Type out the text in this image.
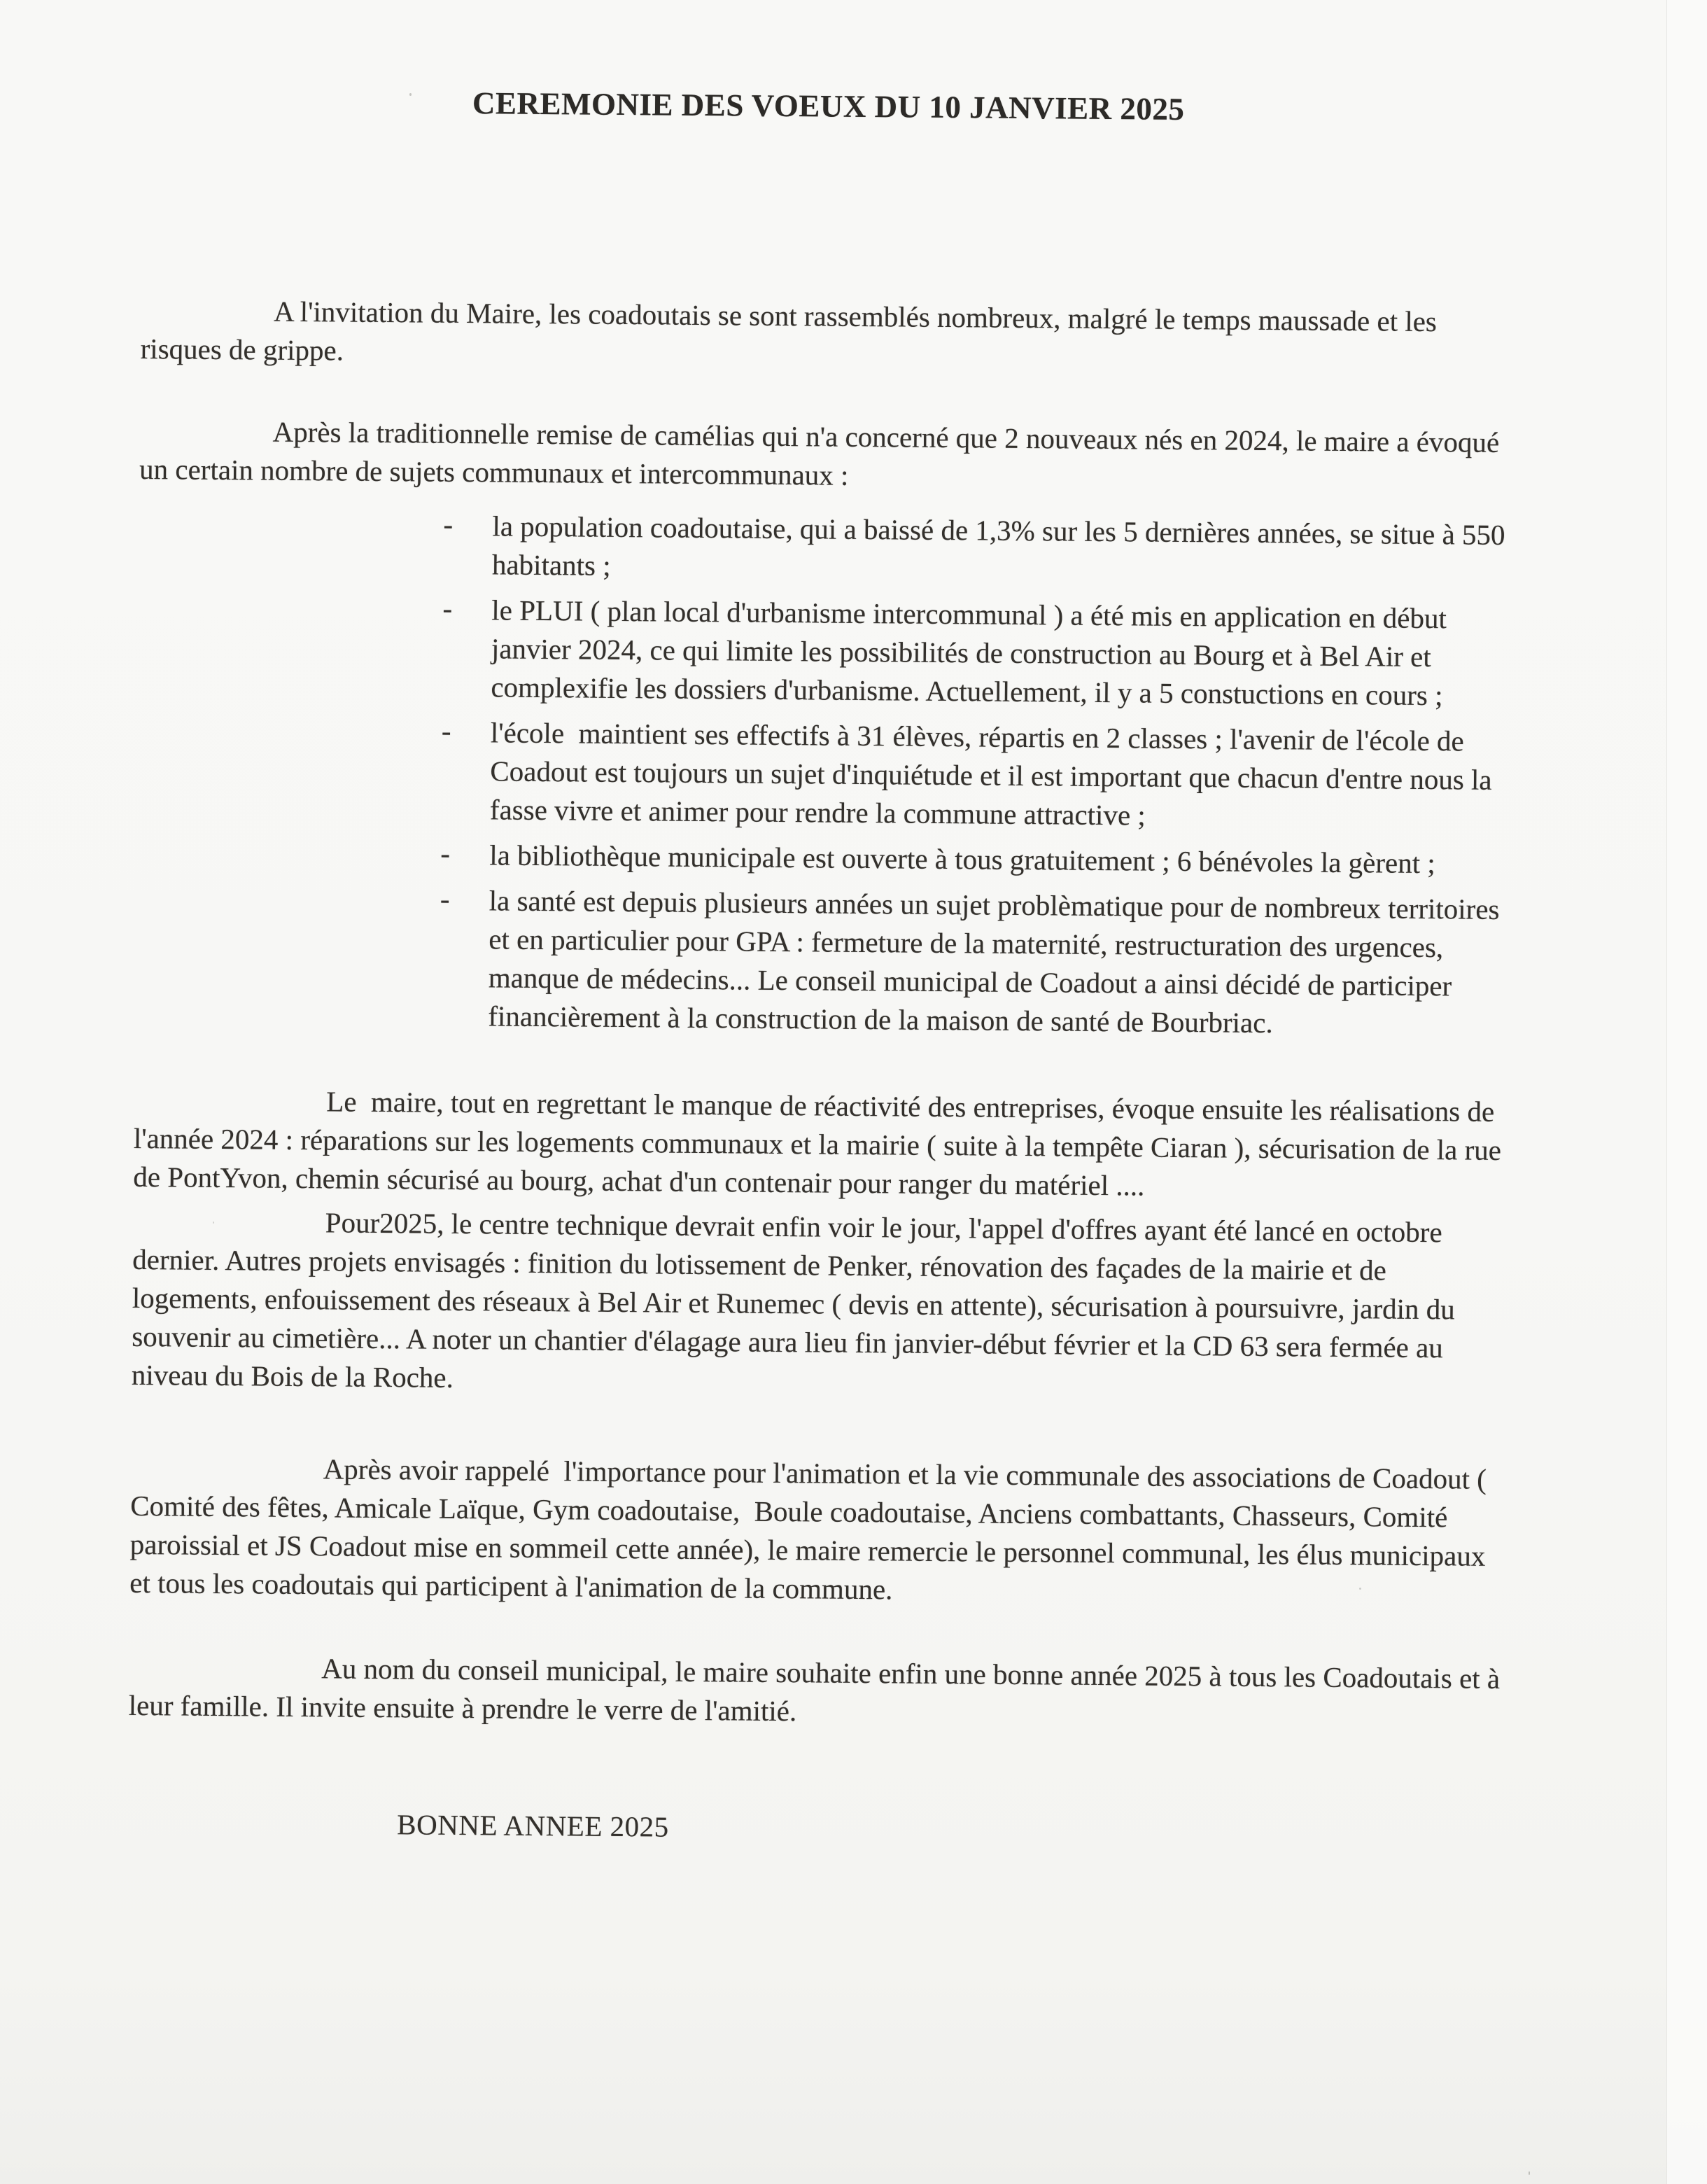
CEREMONIE DES VOEUX DU 10 JANVIER 2025

A l'invitation du Maire, les coadoutais se sont rassemblés nombreux, malgré le temps maussade et les risques de grippe.

Après la traditionnelle remise de camélias qui n'a concerné que 2 nouveaux nés en 2024, le maire a évoqué un certain nombre de sujets communaux et intercommunaux :

- la population coadoutaise, qui a baissé de 1,3% sur les 5 dernières années, se situe à 550 habitants ;
- le PLUI ( plan local d'urbanisme intercommunal ) a été mis en application en début janvier 2024, ce qui limite les possibilités de construction au Bourg et à Bel Air et complexifie les dossiers d'urbanisme. Actuellement, il y a 5 constuctions en cours ;
- l'école  maintient ses effectifs à 31 élèves, répartis en 2 classes ; l'avenir de l'école de Coadout est toujours un sujet d'inquiétude et il est important que chacun d'entre nous la fasse vivre et animer pour rendre la commune attractive ;
- la bibliothèque municipale est ouverte à tous gratuitement ; 6 bénévoles la gèrent ;
- la santé est depuis plusieurs années un sujet problèmatique pour de nombreux territoires et en particulier pour GPA : fermeture de la maternité, restructuration des urgences, manque de médecins... Le conseil municipal de Coadout a ainsi décidé de participer financièrement à la construction de la maison de santé de Bourbriac.

Le  maire, tout en regrettant le manque de réactivité des entreprises, évoque ensuite les réalisations de l'année 2024 : réparations sur les logements communaux et la mairie ( suite à la tempête Ciaran ), sécurisation de la rue de PontYvon, chemin sécurisé au bourg, achat d'un contenair pour ranger du matériel ....

Pour2025, le centre technique devrait enfin voir le jour, l'appel d'offres ayant été lancé en octobre dernier. Autres projets envisagés : finition du lotissement de Penker, rénovation des façades de la mairie et de logements, enfouissement des réseaux à Bel Air et Runemec ( devis en attente), sécurisation à poursuivre, jardin du souvenir au cimetière... A noter un chantier d'élagage aura lieu fin janvier-début février et la CD 63 sera fermée au niveau du Bois de la Roche.

Après avoir rappelé  l'importance pour l'animation et la vie communale des associations de Coadout ( Comité des fêtes, Amicale Laïque, Gym coadoutaise,  Boule coadoutaise, Anciens combattants, Chasseurs, Comité paroissial et JS Coadout mise en sommeil cette année), le maire remercie le personnel communal, les élus municipaux et tous les coadoutais qui participent à l'animation de la commune.

Au nom du conseil municipal, le maire souhaite enfin une bonne année 2025 à tous les Coadoutais et à leur famille. Il invite ensuite à prendre le verre de l'amitié.

BONNE ANNEE 2025
